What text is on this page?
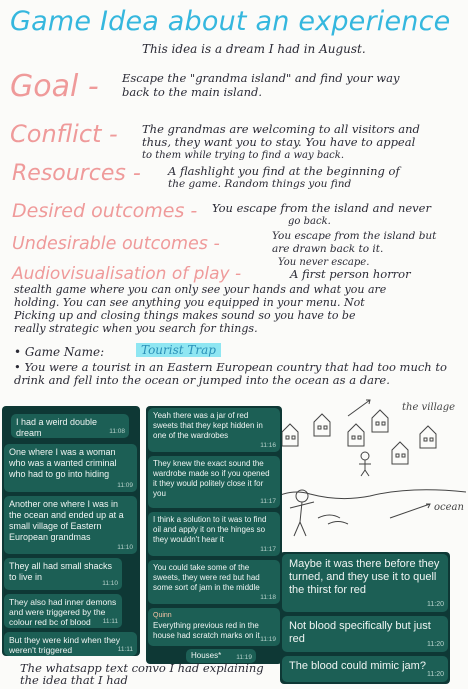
Game Idea about an experience
This idea is a dream I had in August.
Goal - Escape the "grandma island" and find your way
back to the main island.
Conflict - The grandmas are welcoming to all visitors and
thus, they want you to stay. You have to appeal
to them while trying to find a way back.
Resources - A flashlight you find at the beginning of
the game. Random things you find
Desired outcomes - You escape from the island and never
go back.
Undesirable outcomes -	You escape from the island but
are drawn back to it.
You never escape.
Audiovisualisation of play -	A first person horror
stealth game where you can only see your hands and what you are
holding. You can see anything you equipped in your menu. Not
Picking up and closing things makes sound so you have to be
really strategic when you search for things.
• Game Name:	Tourist Trap
• You were a tourist in an Eastern European country that had too much to drink and fell into the ocean or jumped into the ocean as a dare.
the village
ocean
I had a weird double dream	11:08
One where I was a woman who was a wanted criminal who had to go into hiding
11:09
Another one where I was in the ocean and ended up at a small village of Eastern European grandmas
11:10
They all had small shacks to live in
11:10
They also had inner demons and were triggered by the colour red bc of blood 11:11
But they were kind when they weren't triggered	11:11
Yeah there was a jar of red sweets that they kept hidden in one of the wardrobes
11:16
They knew the exact sound the wardrobe made so if you opened it they would politely close it for you
11:17
I think a solution to it was to find oil and apply it on the hinges so they wouldn't hear it
11:17
You could take some of the sweets, they were red but had some sort of jam in the middle
11:18
Quinn
Everything previous red in the house had scratch marks on it 11:19
Houses* 11:19
Maybe it was there before they turned, and they use it to quell the thirst for red
11:20
Not blood specifically but just red	11:20
The blood could mimic jam?
11:20
The whatsapp text convo I had explaining the idea that I had
